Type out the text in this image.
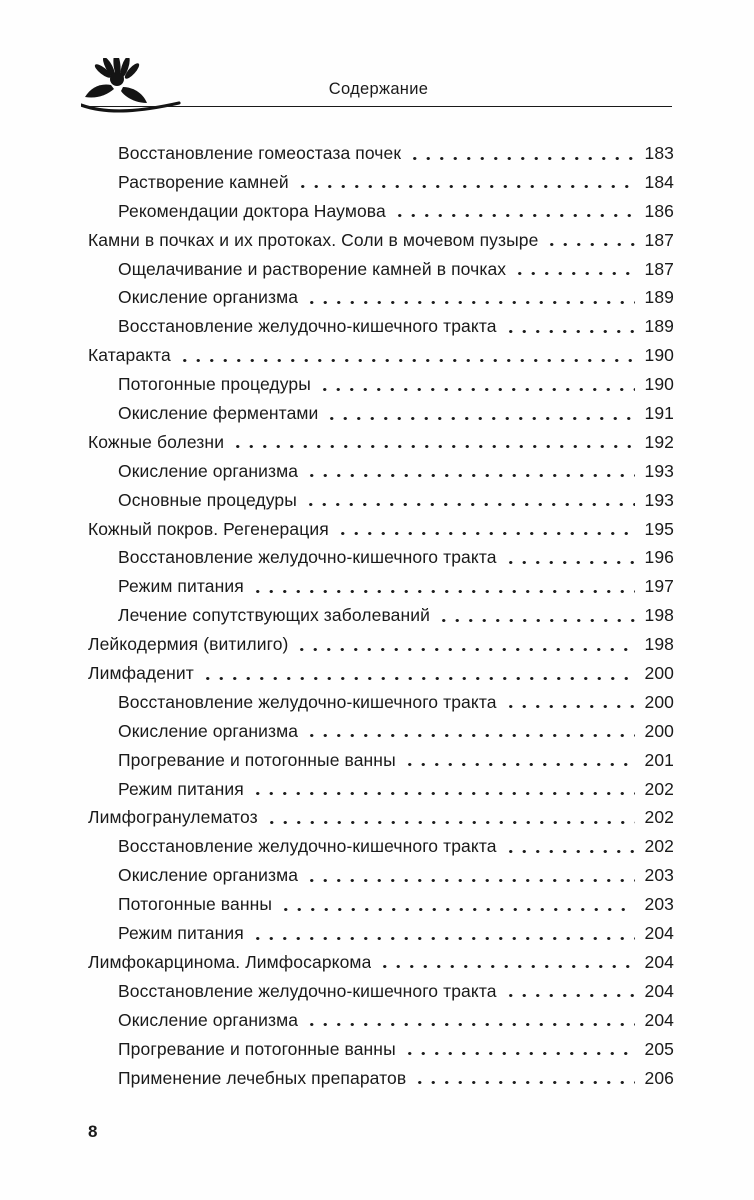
Содержание
Восстановление гомеостаза почек	183
Растворение камней	184
Рекомендации доктора Наумова	186
Камни в почках и их протоках. Соли в мочевом пузыре	187
Ощелачивание и растворение камней в почках	187
Окисление организма	189
Восстановление желудочно-кишечного тракта	189
Катаракта	190
Потогонные процедуры	190
Окисление ферментами	191
Кожные болезни	192
Окисление организма	193
Основные процедуры	193
Кожный покров. Регенерация	195
Восстановление желудочно-кишечного тракта	196
Режим питания	197
Лечение сопутствующих заболеваний	198
Лейкодермия (витилиго)	198
Лимфаденит	200
Восстановление желудочно-кишечного тракта	200
Окисление организма	200
Прогревание и потогонные ванны	201
Режим питания	202
Лимфогранулематоз	202
Восстановление желудочно-кишечного тракта	202
Окисление организма	203
Потогонные ванны	203
Режим питания	204
Лимфокарцинома. Лимфосаркома	204
Восстановление желудочно-кишечного тракта	204
Окисление организма	204
Прогревание и потогонные ванны	205
Применение лечебных препаратов	206
8
